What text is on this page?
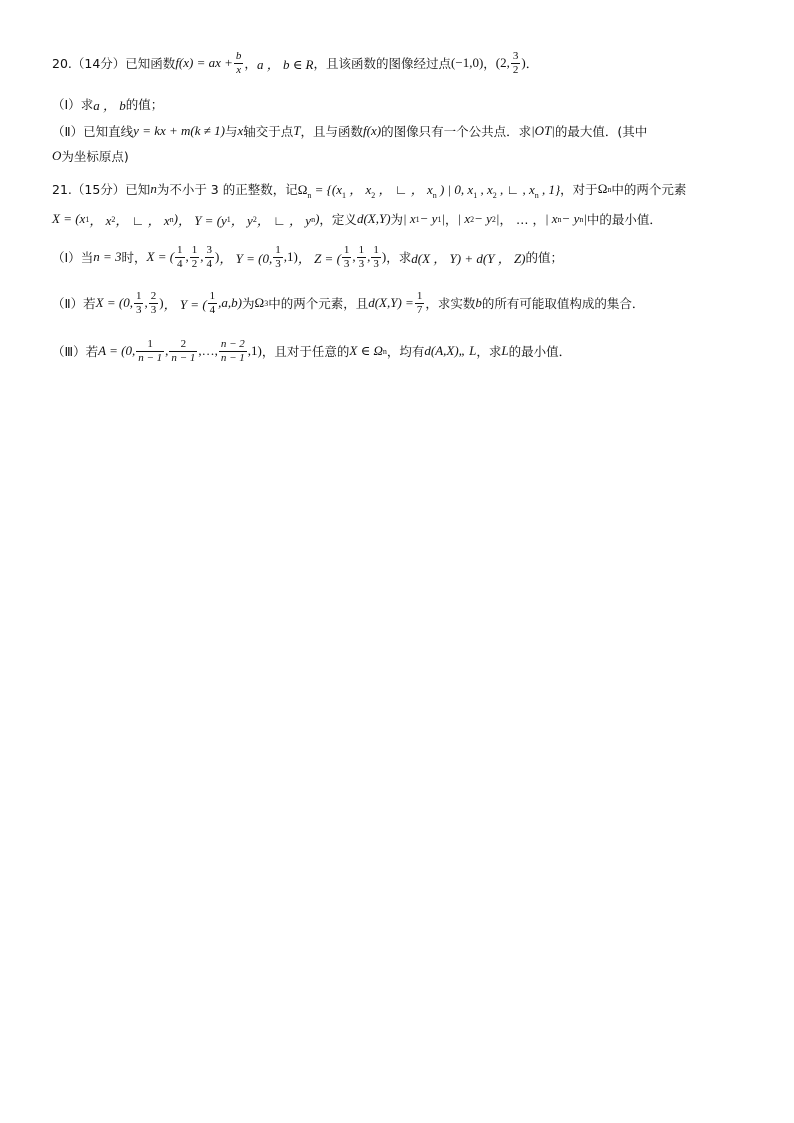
20. （14分） 已知函数 f(x) = ax + $\frac{b}{x}$ ， a ， b ∈ R ，且该函数的图像经过点 (−1,0) ， (2, $\frac{3}{2}$ ) ．
（Ⅰ） 求 a ， b 的值；
（Ⅱ） 已知直线 y = kx + m(k ≠ 1) 与 x 轴交于点 T ，且与函数 f(x) 的图像只有一个公共点．求 |OT| 的最大值．(其中
O 为坐标原点)
21. （15分） 已知 n 为不小于 3 的正整数，记 $\Omega_n = \{(x_1$ ， $x_2$ ， ∟ ， $x_n$ ) | 0, $x_1$ , $x_2$ , ∟ , $x_n$ , 1} ，对于 Ω n 中的两个元素
X = (x 1 ， x 2 ， ∟ ， x n ) ， Y = (y 1 ， y 2 ， ∟ ， y n ) ，定义 d(X,Y) 为 | x 1 − y 1 | ， | x 2 − y 2 | ， … ， | x n − y n | 中的最小值．
（Ⅰ） 当 n = 3 时， X = ( $\frac{1}{4}$ , $\frac{1}{2}$ , $\frac{3}{4}$ ) ， Y = (0, $\frac{1}{3} ,1$) ， Z = ( $\frac{1}{3}$ , $\frac{1}{3}$ , $\frac{1}{3}$ ) ，求 d(X ， Y) + d(Y ， Z) 的值；
（Ⅱ） 若 X = (0, $\frac{1}{3}$ , $\frac{2}{3}$ ) ， Y = ( $\frac{1}{4} ,a,b$) 为 Ω 3 中的两个元素，且 $d(X,Y) = \frac{1}{7}$ ，求实数 b 的所有可能取值构成的集合．
（Ⅲ） 若 A = (0, $\frac{1}{n - 1}$ , $\frac{2}{n - 1}$ ,…, $\frac{n - 2}{n - 1} ,1$) ，且对于任意的 X ∈ Ω n ，均有 d(A,X) „ L ，求 L 的最小值．
